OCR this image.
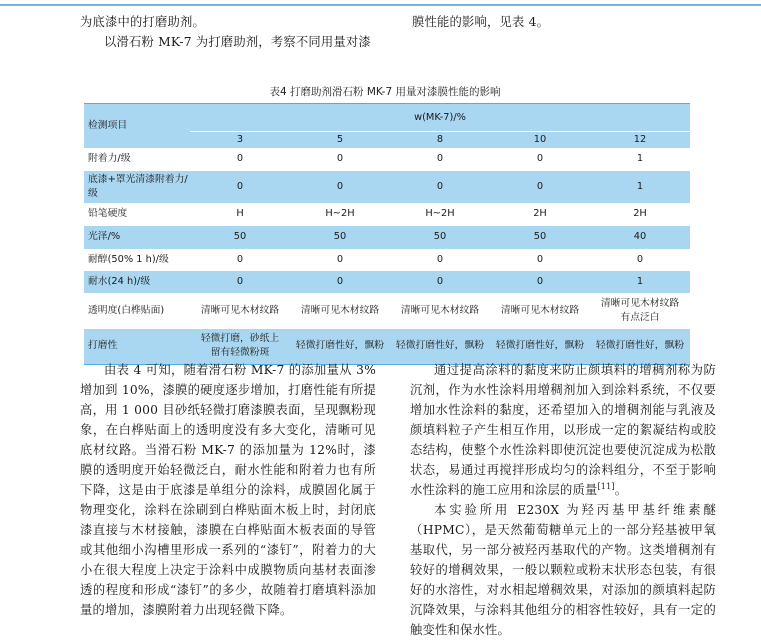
为底漆中的打磨助剂。

以滑石粉 MK-7 为打磨助剂，考察不同用量对漆

膜性能的影响，见表 4。

表4 打磨助剂滑石粉 MK-7 用量对漆膜性能的影响
检测项目	w(MK-7)/%				
	3	5	8	10	12
附着力/级	0	0	0	0	1
底漆+罩光清漆附着力/级	0	0	0	0	1
铅笔硬度	H	H~2H	H~2H	2H	2H
光泽/%	50	50	50	50	40
耐醇(50% 1 h)/级	0	0	0	0	0
耐水(24 h)/级	0	0	0	0	1
透明度(白桦贴面)	清晰可见木材纹路	清晰可见木材纹路	清晰可见木材纹路	清晰可见木材纹路	清晰可见木材纹路有点泛白
打磨性	轻微打磨，砂纸上留有轻微粉斑	轻微打磨性好，飘粉	轻微打磨性好，飘粉	轻微打磨性好，飘粉	轻微打磨性好，飘粉

由表 4 可知，随着滑石粉 MK-7 的添加量从 3%增加到 10%，漆膜的硬度逐步增加，打磨性能有所提高，用 1 000 目砂纸轻微打磨漆膜表面，呈现飘粉现象，在白桦贴面上的透明度没有多大变化，清晰可见底材纹路。当滑石粉 MK-7 的添加量为 12%时，漆膜的透明度开始轻微泛白，耐水性能和附着力也有所下降，这是由于底漆是单组分的涂料，成膜固化属于物理变化，涂料在涂刷到白桦贴面木板上时，封闭底漆直接与木材接触，漆膜在白桦贴面木板表面的导管或其他细小沟槽里形成一系列的“漆钉”，附着力的大小在很大程度上决定于涂料中成膜物质向基材表面渗透的程度和形成“漆钉”的多少，故随着打磨填料添加量的增加，漆膜附着力出现轻微下降。

通过提高涂料的黏度来防止颜填料的增稠剂称为防沉剂，作为水性涂料用增稠剂加入到涂料系统，不仅要增加水性涂料的黏度，还希望加入的增稠剂能与乳液及颜填料粒子产生相互作用，以形成一定的絮凝结构或胶态结构，使整个水性涂料即使沉淀也要使沉淀成为松散状态，易通过再搅拌形成均匀的涂料组分，不至于影响水性涂料的施工应用和涂层的质量[11]。

本实验所用 E230X 为羟丙基甲基纤维素醚（HPMC），是天然葡萄糖单元上的一部分羟基被甲氧基取代，另一部分被羟丙基取代的产物。这类增稠剂有较好的增稠效果，一般以颗粒或粉末状形态包装，有很好的水溶性，对水相起增稠效果，对添加的颜填料起防沉降效果，与涂料其他组分的相容性较好，具有一定的触变性和保水性。
